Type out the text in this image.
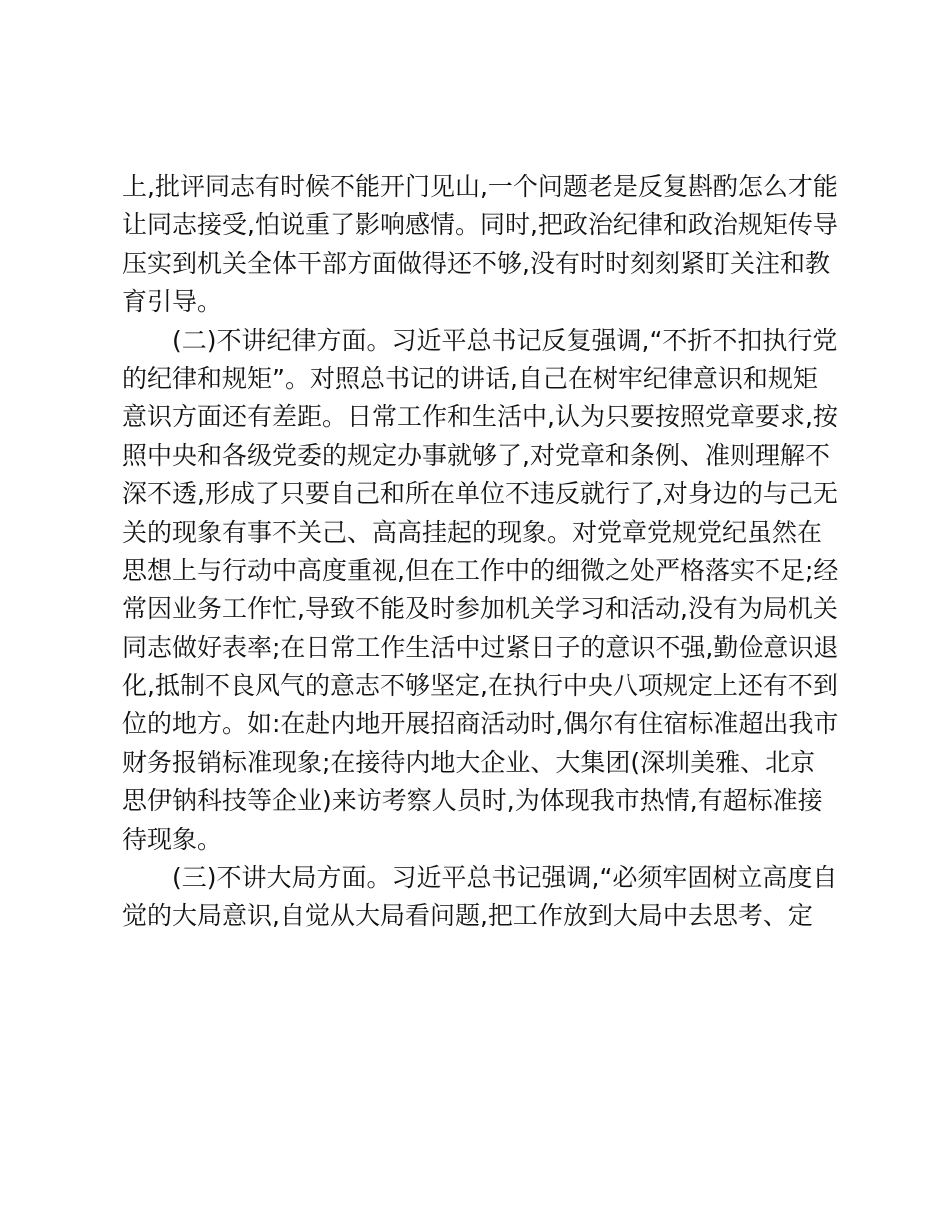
上,批评同志有时候不能开门见山,一个问题老是反复斟酌怎么才能
让同志接受,怕说重了影响感情。同时,把政治纪律和政治规矩传导
压实到机关全体干部方面做得还不够,没有时时刻刻紧盯关注和教
育引导。
(二)不讲纪律方面。习近平总书记反复强调,“不折不扣执行党
的纪律和规矩”。对照总书记的讲话,自己在树牢纪律意识和规矩
意识方面还有差距。日常工作和生活中,认为只要按照党章要求,按
照中央和各级党委的规定办事就够了,对党章和条例、准则理解不
深不透,形成了只要自己和所在单位不违反就行了,对身边的与己无
关的现象有事不关己、高高挂起的现象。对党章党规党纪虽然在
思想上与行动中高度重视,但在工作中的细微之处严格落实不足;经
常因业务工作忙,导致不能及时参加机关学习和活动,没有为局机关
同志做好表率;在日常工作生活中过紧日子的意识不强,勤俭意识退
化,抵制不良风气的意志不够坚定,在执行中央八项规定上还有不到
位的地方。如:在赴内地开展招商活动时,偶尔有住宿标准超出我市
财务报销标准现象;在接待内地大企业、大集团(深圳美雅、北京
思伊钠科技等企业)来访考察人员时,为体现我市热情,有超标准接
待现象。
(三)不讲大局方面。习近平总书记强调,“必须牢固树立高度自
觉的大局意识,自觉从大局看问题,把工作放到大局中去思考、定
